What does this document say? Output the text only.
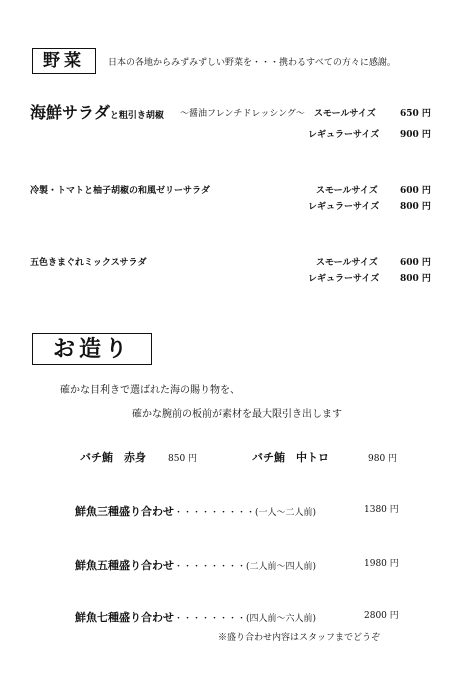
野菜	日本の各地からみずみずしい野菜を・・・携わるすべての方々に感謝。
海鮮サラダと粗引き胡椒 ～醤油フレンチドレッシング～ スモールサイズ	650 円
レギュラーサイズ 900 円
冷製・トマトと柚子胡椒の和風ゼリーサラダ	スモールサイズ 600 円
レギュラーサイズ 800 円
五色きまぐれミックスサラダ	スモールサイズ 600 円
レギュラーサイズ 800 円
お造り
確かな目利きで選ばれた海の賜り物を、
確かな腕前の板前が素材を最大限引き出します
バチ鮪　赤身 850 円	バチ鮪　中トロ	980 円
鮮魚三種盛り合わせ・・・・・・・・・(一人～二人前)	1380 円
鮮魚五種盛り合わせ・・・・・・・・(二人前～四人前)	1980 円
鮮魚七種盛り合わせ・・・・・・・・(四人前～六人前)	2800 円
※盛り合わせ内容はスタッフまでどうぞ
